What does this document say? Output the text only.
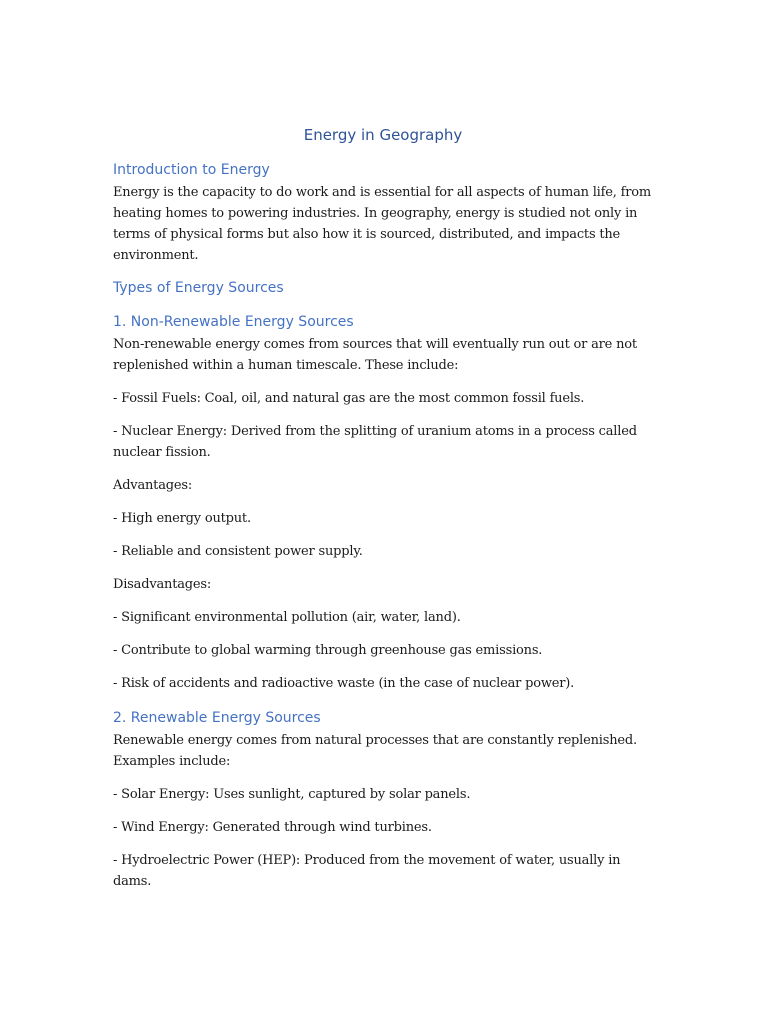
Energy in Geography
Introduction to Energy
Energy is the capacity to do work and is essential for all aspects of human life, from heating homes to powering industries. In geography, energy is studied not only in terms of physical forms but also how it is sourced, distributed, and impacts the environment.
Types of Energy Sources
1. Non-Renewable Energy Sources
Non-renewable energy comes from sources that will eventually run out or are not replenished within a human timescale. These include:
- Fossil Fuels: Coal, oil, and natural gas are the most common fossil fuels.
- Nuclear Energy: Derived from the splitting of uranium atoms in a process called nuclear fission.
Advantages:
- High energy output.
- Reliable and consistent power supply.
Disadvantages:
- Significant environmental pollution (air, water, land).
- Contribute to global warming through greenhouse gas emissions.
- Risk of accidents and radioactive waste (in the case of nuclear power).
2. Renewable Energy Sources
Renewable energy comes from natural processes that are constantly replenished. Examples include:
- Solar Energy: Uses sunlight, captured by solar panels.
- Wind Energy: Generated through wind turbines.
- Hydroelectric Power (HEP): Produced from the movement of water, usually in dams.
